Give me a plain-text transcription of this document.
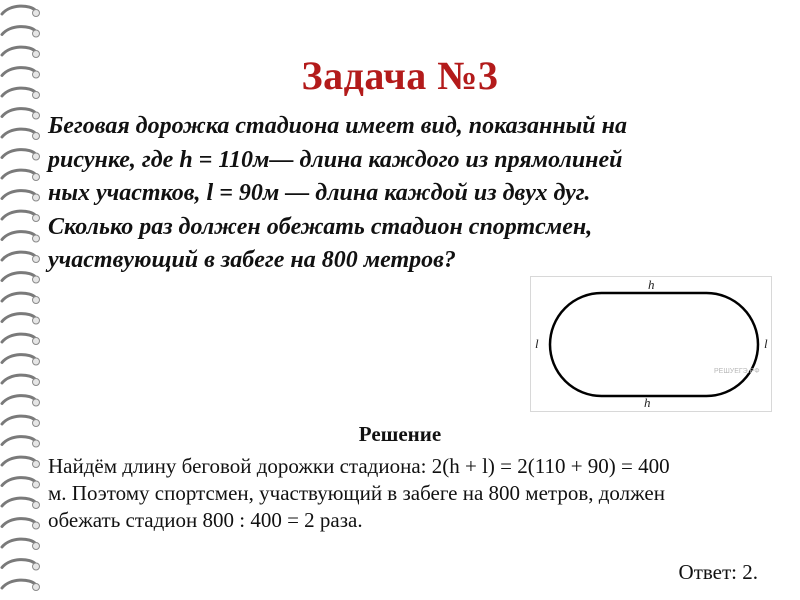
Задача №3
Беговая дорожка стадиона имеет вид, показанный на
рисунке, где h = 110м— длина каждого из прямолиней
ных участков, l = 90м — длина каждой из двух дуг.
Сколько раз должен обежать стадион спортсмен,
участвующий в забеге на 800 метров?
h
h
l	l
РЕШУЕГЭ.РФ
Решение
Найдём длину беговой дорожки стадиона: 2(h + l) = 2(110 + 90) = 400
м. Поэтому спортсмен, участвующий в забеге на 800 метров, должен
обежать стадион 800 : 400 = 2 раза.
Ответ: 2.
